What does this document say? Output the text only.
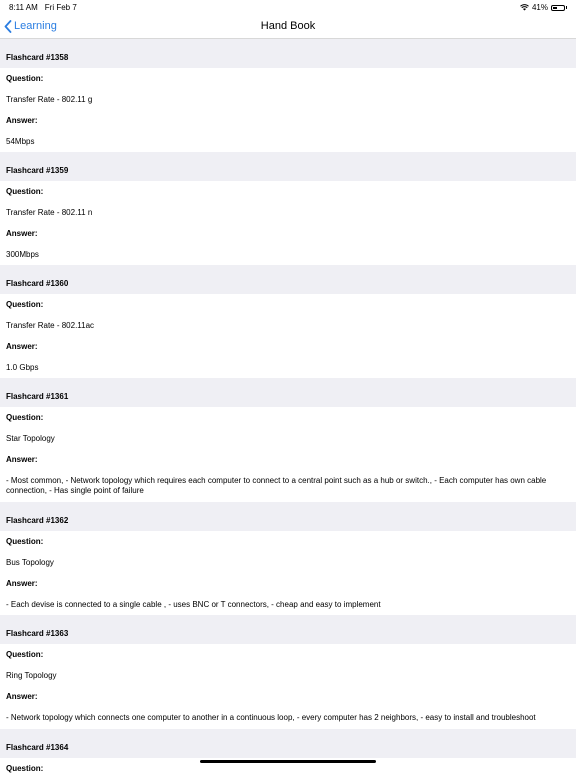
8:11 AM Fri Feb 7	41%
Hand Book
Learning
Flashcard #1358
Question:
Transfer Rate - 802.11 g
Answer:
54Mbps
Flashcard #1359
Question:
Transfer Rate - 802.11 n
Answer:
300Mbps
Flashcard #1360
Question:
Transfer Rate - 802.11ac
Answer:
1.0 Gbps
Flashcard #1361
Question:
Star Topology
Answer:
- Most common, - Network topology which requires each computer to connect to a central point such as a hub or switch., - Each computer has own cable connection, - Has single point of failure
Flashcard #1362
Question:
Bus Topology
Answer:
- Each devise is connected to a single cable , - uses BNC or T connectors, - cheap and easy to implement
Flashcard #1363
Question:
Ring Topology
Answer:
- Network topology which connects one computer to another in a continuous loop, - every computer has 2 neighbors, - easy to install and troubleshoot
Flashcard #1364
Question:
